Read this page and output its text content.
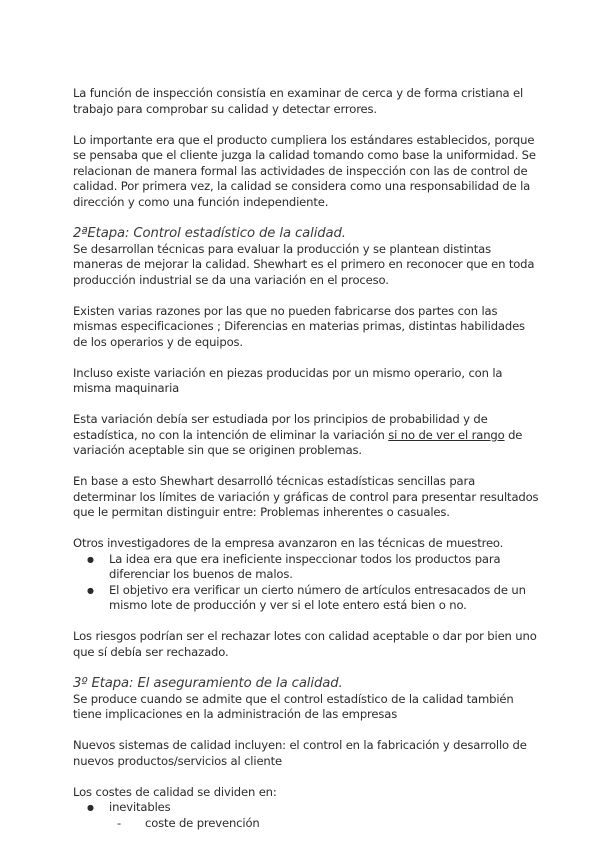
La función de inspección consistía en examinar de cerca y de forma cristiana el trabajo para comprobar su calidad y detectar errores.

Lo importante era que el producto cumpliera los estándares establecidos, porque se pensaba que el cliente juzga la calidad tomando como base la uniformidad. Se relacionan de manera formal las actividades de inspección con las de control de calidad. Por primera vez, la calidad se considera como una responsabilidad de la dirección y como una función independiente.

2ªEtapa: Control estadístico de la calidad.

Se desarrollan técnicas para evaluar la producción y se plantean distintas maneras de mejorar la calidad. Shewhart es el primero en reconocer que en toda producción industrial se da una variación en el proceso.

Existen varias razones por las que no pueden fabricarse dos partes con las mismas especificaciones ; Diferencias en materias primas, distintas habilidades de los operarios y de equipos.

Incluso existe variación en piezas producidas por un mismo operario, con la misma maquinaria

Esta variación debía ser estudiada por los principios de probabilidad y de estadística, no con la intención de eliminar la variación si no de ver el rango de variación aceptable sin que se originen problemas.

En base a esto Shewhart desarrolló técnicas estadísticas sencillas para determinar los límites de variación y gráficas de control para presentar resultados que le permitan distinguir entre: Problemas inherentes o casuales.

Otros investigadores de la empresa avanzaron en las técnicas de muestreo.

● La idea era que era ineficiente inspeccionar todos los productos para diferenciar los buenos de malos.
● El objetivo era verificar un cierto número de artículos entresacados de un mismo lote de producción y ver si el lote entero está bien o no.

Los riesgos podrían ser el rechazar lotes con calidad aceptable o dar por bien uno que sí debía ser rechazado.

3º Etapa: El aseguramiento de la calidad.

Se produce cuando se admite que el control estadístico de la calidad también tiene implicaciones en la administración de las empresas

Nuevos sistemas de calidad incluyen: el control en la fabricación y desarrollo de nuevos productos/servicios al cliente

Los costes de calidad se dividen en:

● inevitables
- coste de prevención
